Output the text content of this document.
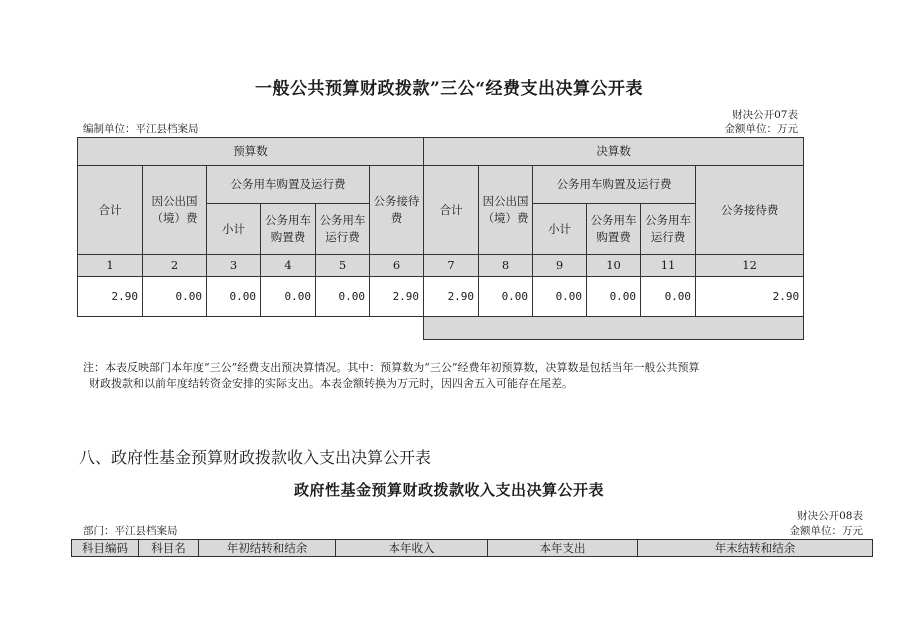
一般公共预算财政拨款”三公“经费支出决算公开表
财决公开07表
编制单位：平江县档案局	金额单位：万元
预算数						决算数					
合计	因公出国（境）费	公务用车购置及运行费			公务接待费	合计	因公出国（境）费	公务用车购置及运行费			公务接待费
		小计	公务用车购置费	公务用车运行费				小计	公务用车购置费	公务用车运行费	
1	2	3	4	5	6	7	8	9	10	11	12
2.90	0.00	0.00	0.00	0.00	2.90	2.90	0.00	0.00	0.00	0.00	2.90

注：本表反映部门本年度“三公”经费支出预决算情况。其中：预算数为“三公”经费年初预算数，决算数是包括当年一般公共预算
财政拨款和以前年度结转资金安排的实际支出。本表金额转换为万元时，因四舍五入可能存在尾差。
八、政府性基金预算财政拨款收入支出决算公开表
政府性基金预算财政拨款收入支出决算公开表
财决公开08表
部门：平江县档案局	金额单位：万元
科目编码	科目名	年初结转和结余	本年收入	本年支出	年末结转和结余
